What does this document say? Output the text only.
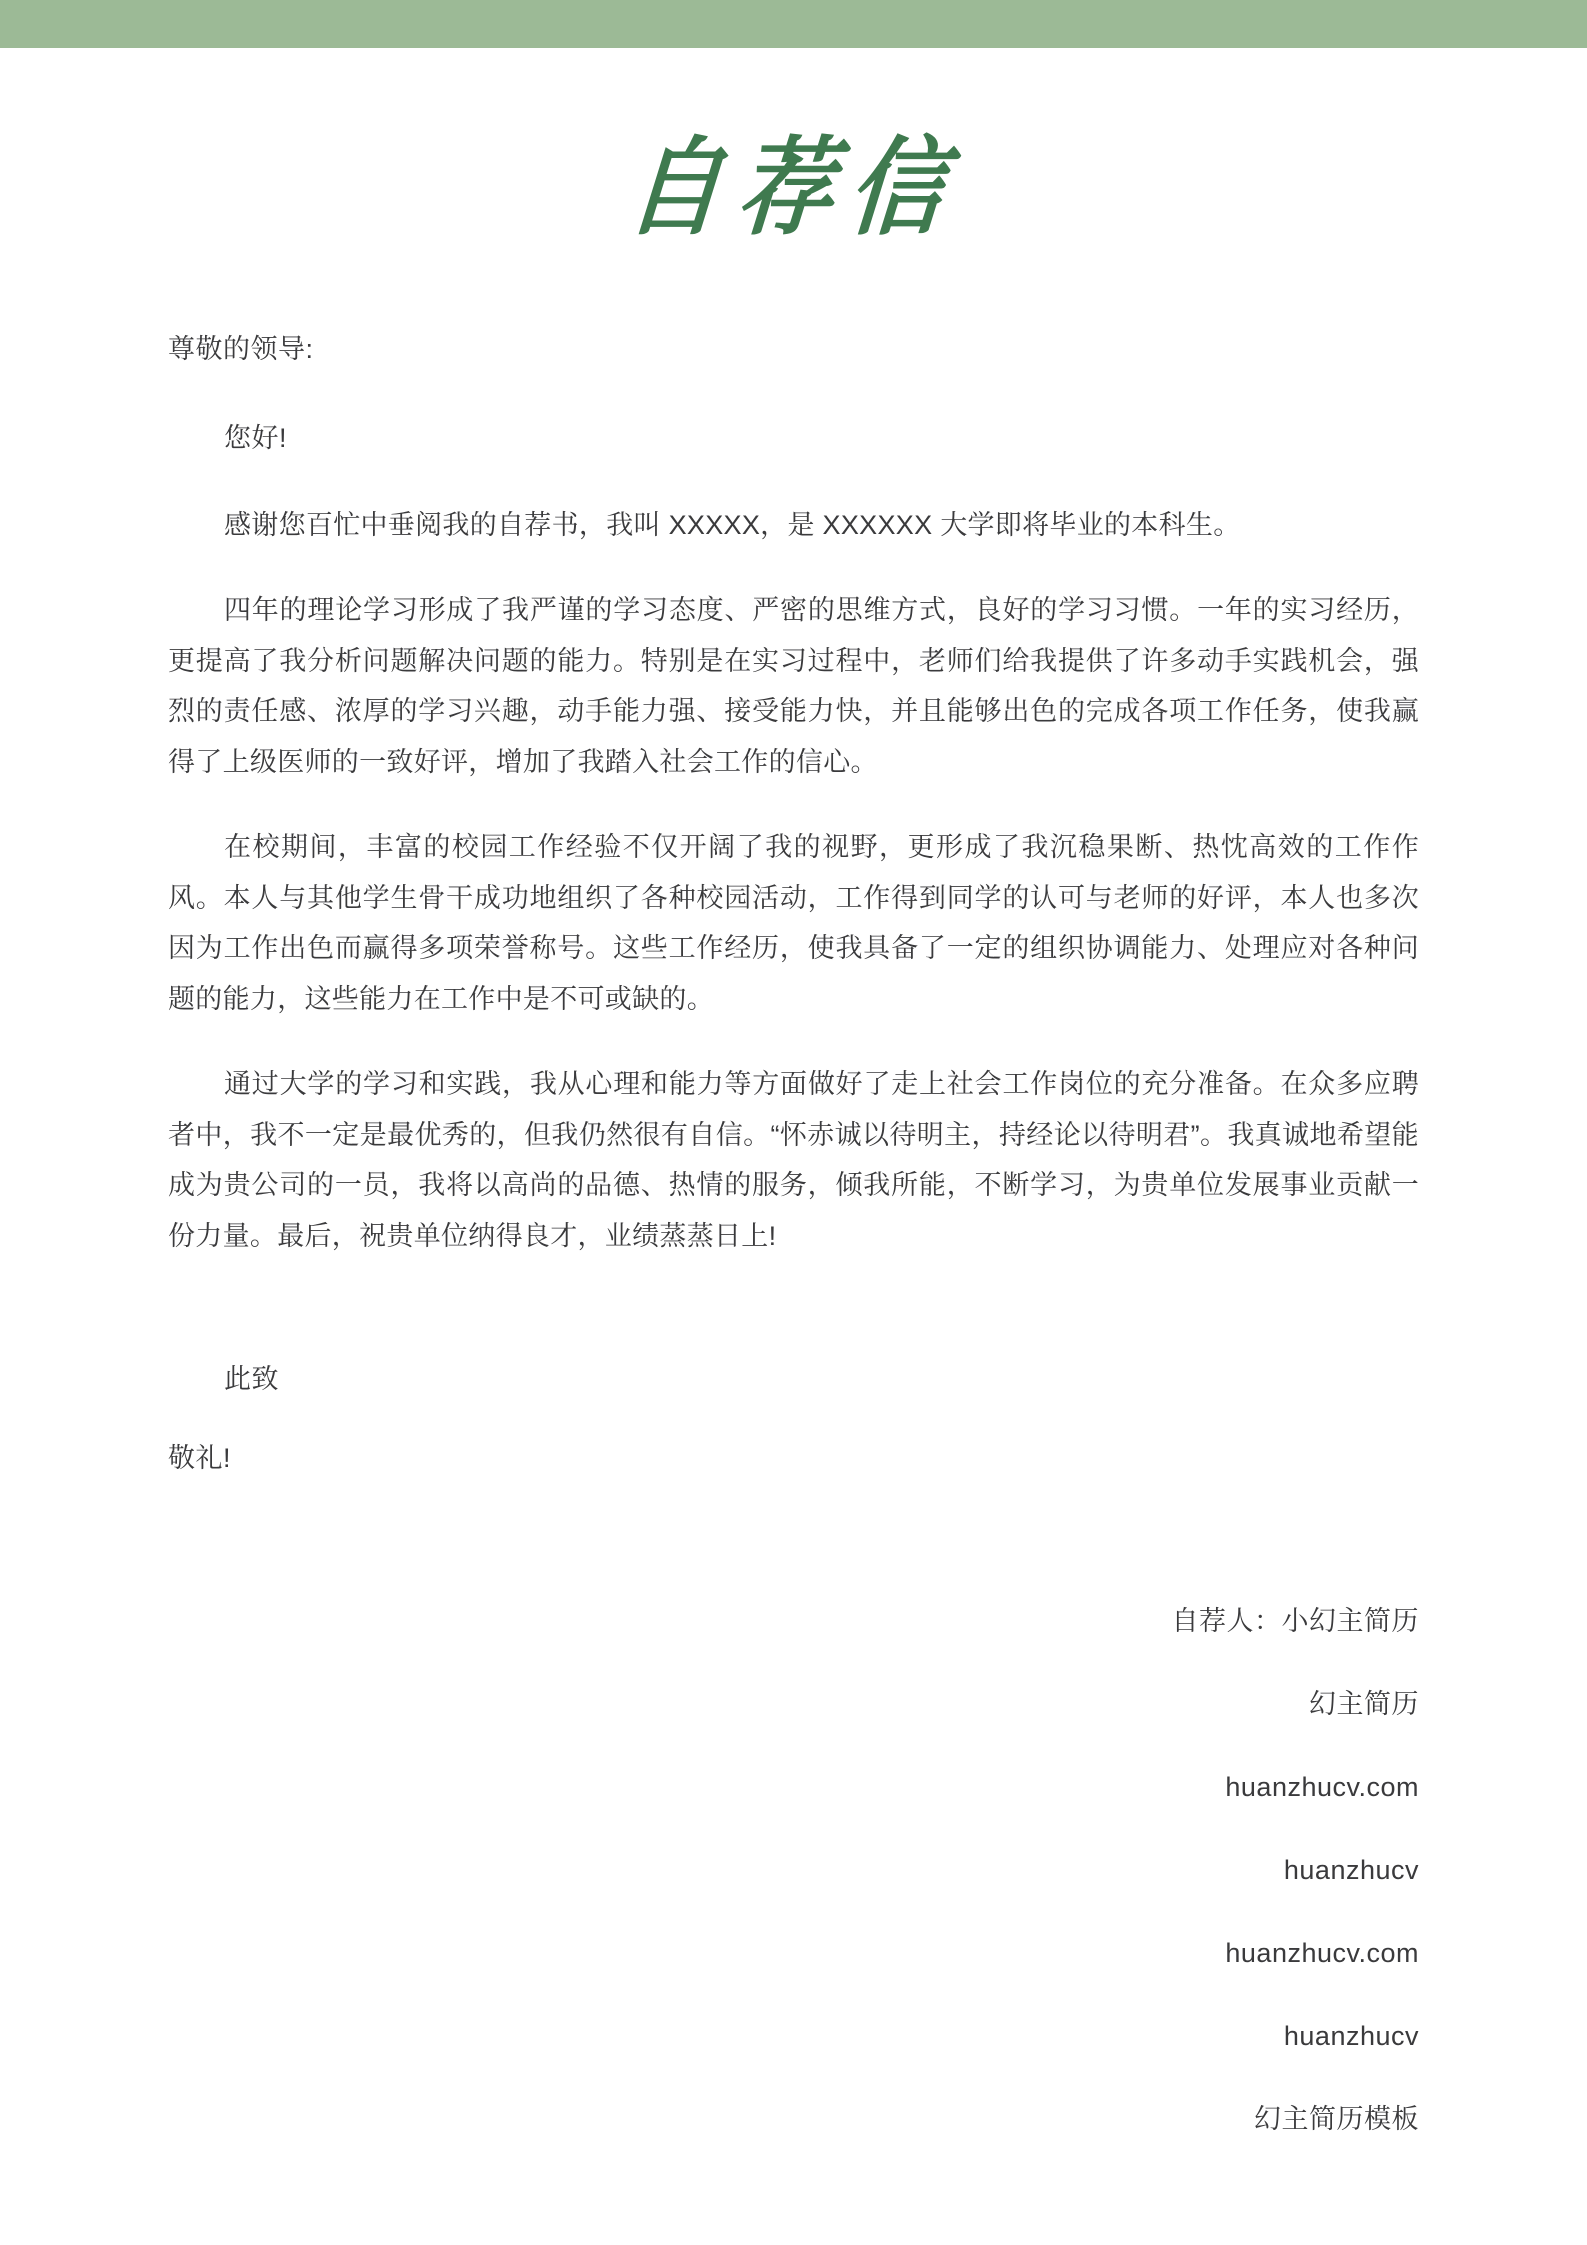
自荐信

尊敬的领导:

您好!

感谢您百忙中垂阅我的自荐书，我叫 XXXXX，是 XXXXXX 大学即将毕业的本科生。

四年的理论学习形成了我严谨的学习态度、严密的思维方式，良好的学习习惯。一年的实习经历，更提高了我分析问题解决问题的能力。特别是在实习过程中，老师们给我提供了许多动手实践机会，强烈的责任感、浓厚的学习兴趣，动手能力强、接受能力快，并且能够出色的完成各项工作任务，使我赢得了上级医师的一致好评，增加了我踏入社会工作的信心。

在校期间，丰富的校园工作经验不仅开阔了我的视野，更形成了我沉稳果断、热忱高效的工作作风。本人与其他学生骨干成功地组织了各种校园活动，工作得到同学的认可与老师的好评，本人也多次因为工作出色而赢得多项荣誉称号。这些工作经历，使我具备了一定的组织协调能力、处理应对各种问题的能力，这些能力在工作中是不可或缺的。

通过大学的学习和实践，我从心理和能力等方面做好了走上社会工作岗位的充分准备。在众多应聘者中，我不一定是最优秀的，但我仍然很有自信。“怀赤诚以待明主，持经论以待明君”。我真诚地希望能成为贵公司的一员，我将以高尚的品德、热情的服务，倾我所能，不断学习，为贵单位发展事业贡献一份力量。最后，祝贵单位纳得良才，业绩蒸蒸日上!

此致

敬礼!

自荐人：小幻主简历

幻主简历

huanzhucv.com

huanzhucv

huanzhucv.com

huanzhucv

幻主简历模板
